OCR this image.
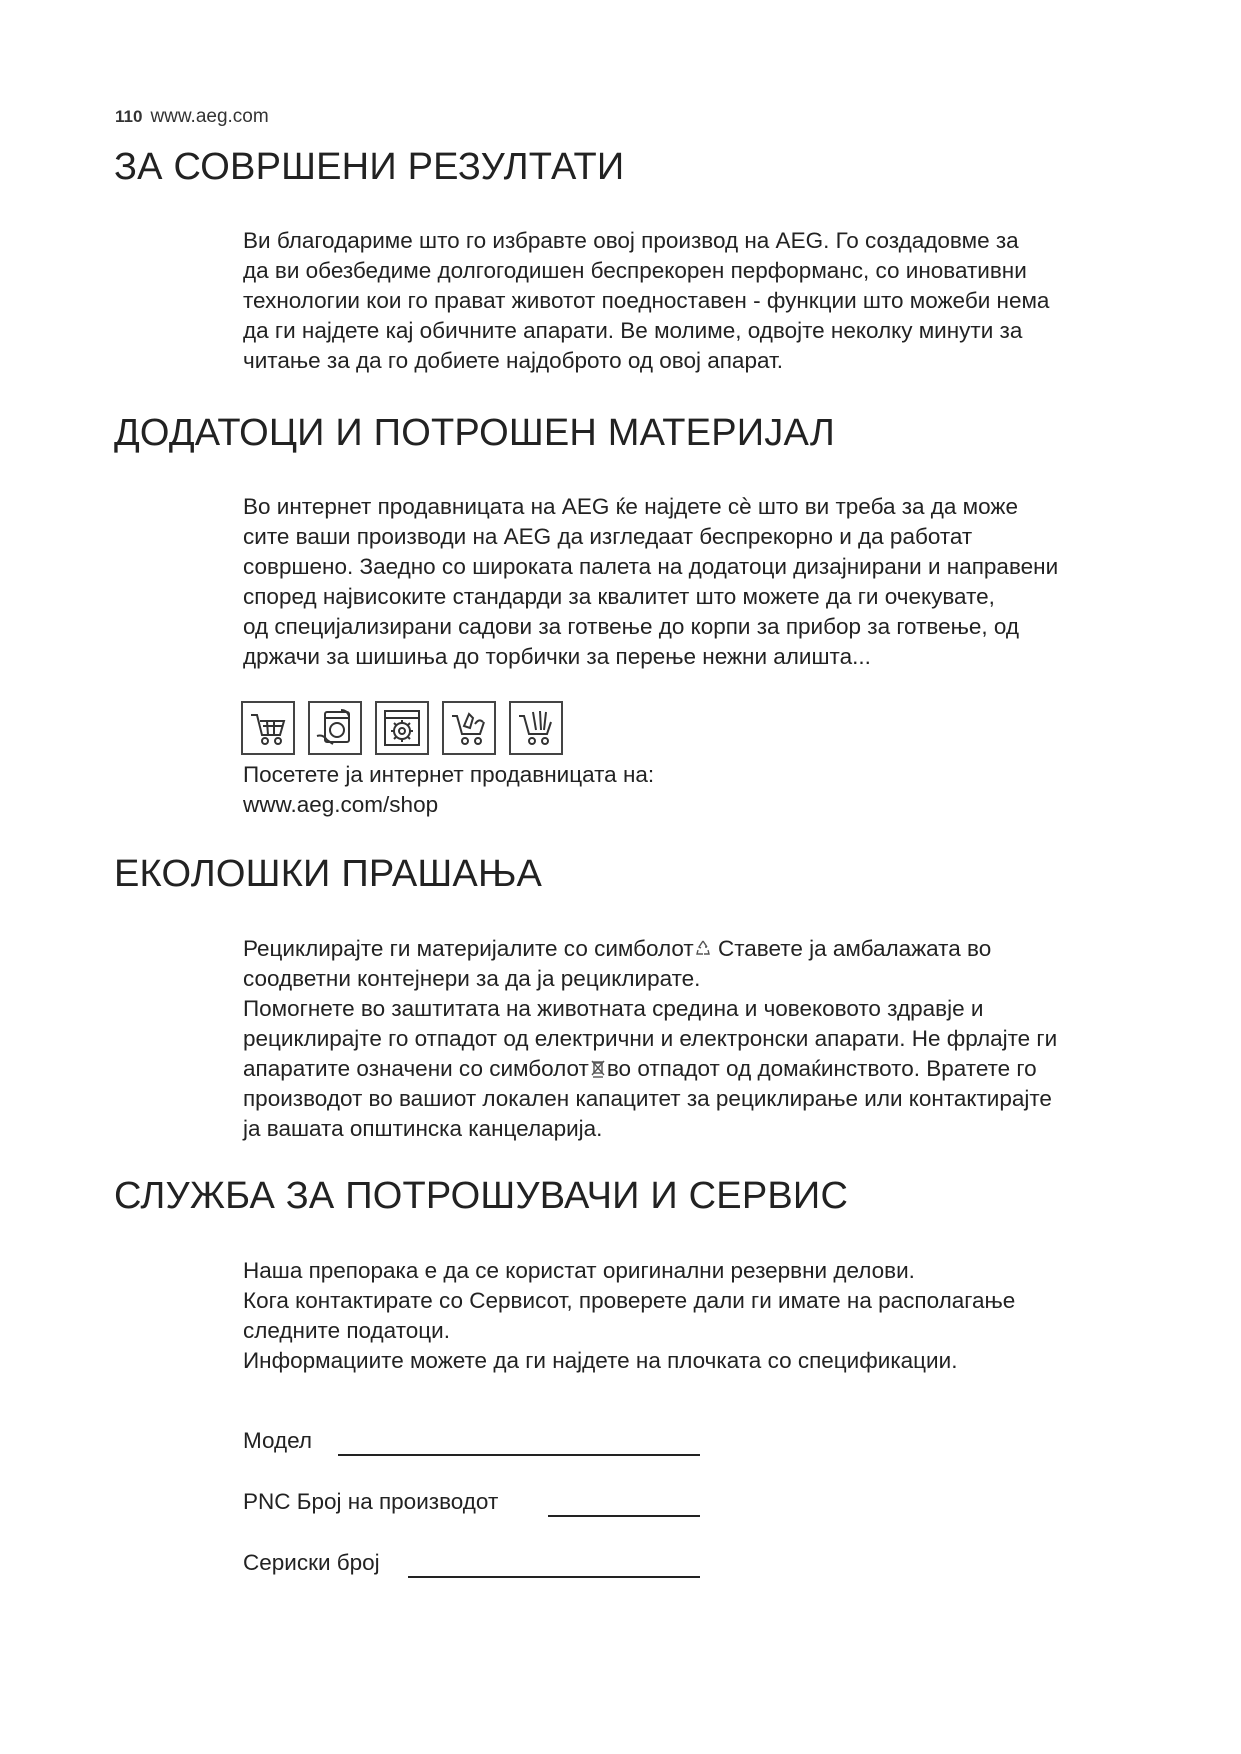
110 www.aeg.com
ЗА СОВРШЕНИ РЕЗУЛТАТИ
Ви благодариме што го избравте овој производ на AEG. Го создадовме за
да ви обезбедиме долгогодишен беспрекорен перформанс, со иновативни
технологии кои го прават животот поедноставен - функции што можеби нема
да ги најдете кај обичните апарати. Ве молиме, одвојте неколку минути за
читање за да го добиете најдоброто од овој апарат.
ДОДАТОЦИ И ПОТРОШЕН МАТЕРИЈАЛ
Во интернет продавницата на AEG ќе најдете сѐ што ви треба за да може
сите ваши производи на AEG да изгледаат беспрекорно и да работат
совршено. Заедно со широката палета на додатоци дизајнирани и направени
според највисоките стандарди за квалитет што можете да ги очекувате,
од специјализирани садови за готвење до корпи за прибор за готвење, од
држачи за шишиња до торбички за перење нежни алишта...
Посетете ја интернет продавницата на:
www.aeg.com/shop
ЕКОЛОШКИ ПРАШАЊА
Рециклирајте ги материјалите со симболот Ставете ја амбалажата во
соодветни контејнери за да ја рециклирате.
Помогнете во заштитата на животната средина и човековото здравје и
рециклирајте го отпадот од електрични и електронски апарати. Не фрлајте ги
апаратите означени со симболот во отпадот од домаќинството. Вратете го
производот во вашиот локален капацитет за рециклирање или контактирајте
ја вашата општинска канцеларија.
СЛУЖБА ЗА ПОТРОШУВАЧИ И СЕРВИС
Наша препорака е да се користат оригинални резервни делови.
Кога контактирате со Сервисот, проверете дали ги имате на располагање
следните податоци.
Информациите можете да ги најдете на плочката со спецификации.
Модел
PNC Број на производот
Сериски број
